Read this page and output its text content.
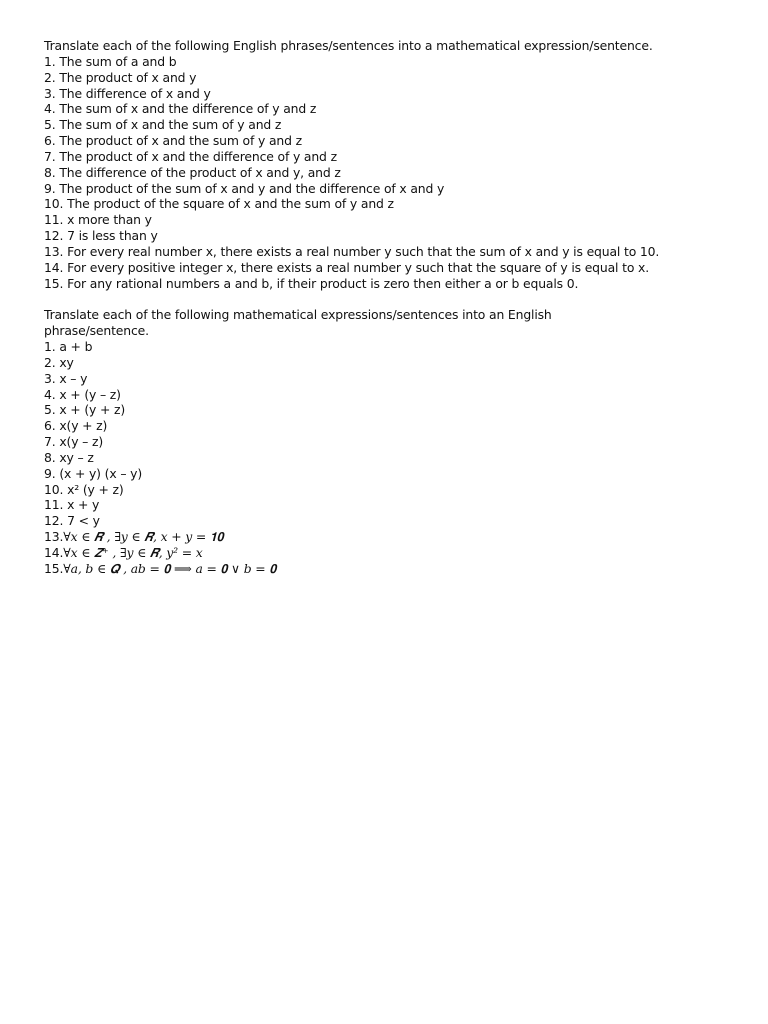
Translate each of the following English phrases/sentences into a mathematical expression/sentence.

1. The sum of a and b
2. The product of x and y
3. The difference of x and y
4. The sum of x and the difference of y and z
5. The sum of x and the sum of y and z
6. The product of x and the sum of y and z
7. The product of x and the difference of y and z
8. The difference of the product of x and y, and z
9. The product of the sum of x and y and the difference of x and y
10. The product of the square of x and the sum of y and z
11. x more than y
12. 7 is less than y
13. For every real number x, there exists a real number y such that the sum of x and y is equal to 10.
14. For every positive integer x, there exists a real number y such that the square of y is equal to x.
15. For any rational numbers a and b, if their product is zero then either a or b equals 0.

Translate each of the following mathematical expressions/sentences into an English
phrase/sentence.

1. a + b
2. xy
3. x – y
4. x + (y – z)
5. x + (y + z)
6. x(y + z)
7. x(y – z)
8. xy – z
9. (x + y) (x – y)
10. x² (y + z)
11. x + y
12. 7 < y
13.∀𝑥 ∈ 𝑹 , ∃𝑦 ∈ 𝑹, 𝑥 + 𝑦 = 𝟏𝟎
14.∀𝑥 ∈ 𝒁⁺ , ∃𝑦 ∈ 𝑹, 𝑦² = 𝑥
15.∀𝑎, 𝑏 ∈ 𝑸 , 𝑎𝑏 = 𝟎 ⟹ 𝑎 = 𝟎 ∨ 𝑏 = 𝟎
